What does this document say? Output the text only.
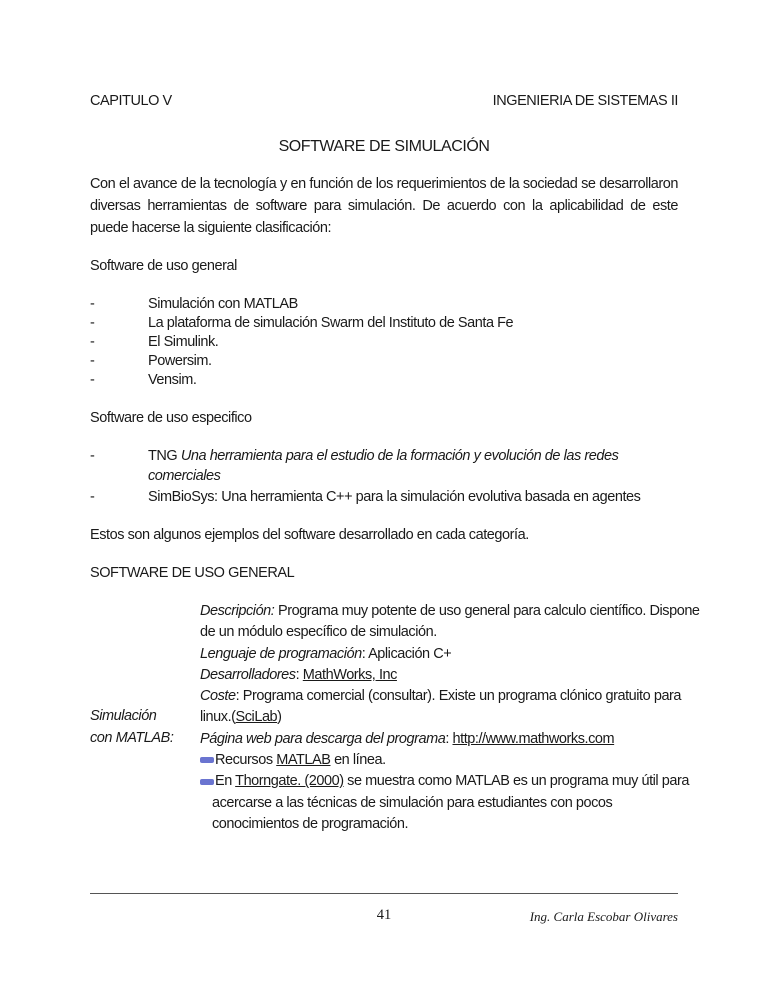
CAPITULO V	INGENIERIA DE SISTEMAS II
SOFTWARE DE SIMULACIÓN
Con el avance de la tecnología y en función de los requerimientos de la sociedad se desarrollaron diversas herramientas de software para simulación. De acuerdo con la aplicabilidad de este puede hacerse la siguiente clasificación:
Software de uso general
-	Simulación con MATLAB
-	La plataforma de simulación Swarm del Instituto de Santa Fe
-	El Simulink.
-	Powersim.
-	Vensim.
Software de uso especifico
-	TNG Una herramienta para el estudio de la formación y evolución de las redes
comerciales
-	SimBioSys: Una herramienta C++ para la simulación evolutiva basada en agentes
Estos son algunos ejemplos del software desarrollado en cada categoría.
SOFTWARE DE USO GENERAL
Simulación
con MATLAB:
Descripción: Programa muy potente de uso general para calculo científico. Dispone
de un módulo específico de simulación.
Lenguaje de programación: Aplicación C+
Desarrolladores: MathWorks, Inc
Coste: Programa comercial (consultar). Existe un programa clónico gratuito para
linux.(SciLab)
Página web para descarga del programa: http://www.mathworks.com
Recursos MATLAB en línea.
En Thorngate. (2000) se muestra como MATLAB es un programa muy útil para
acercarse a las técnicas de simulación para estudiantes con pocos
conocimientos de programación.
41	Ing. Carla Escobar Olivares
